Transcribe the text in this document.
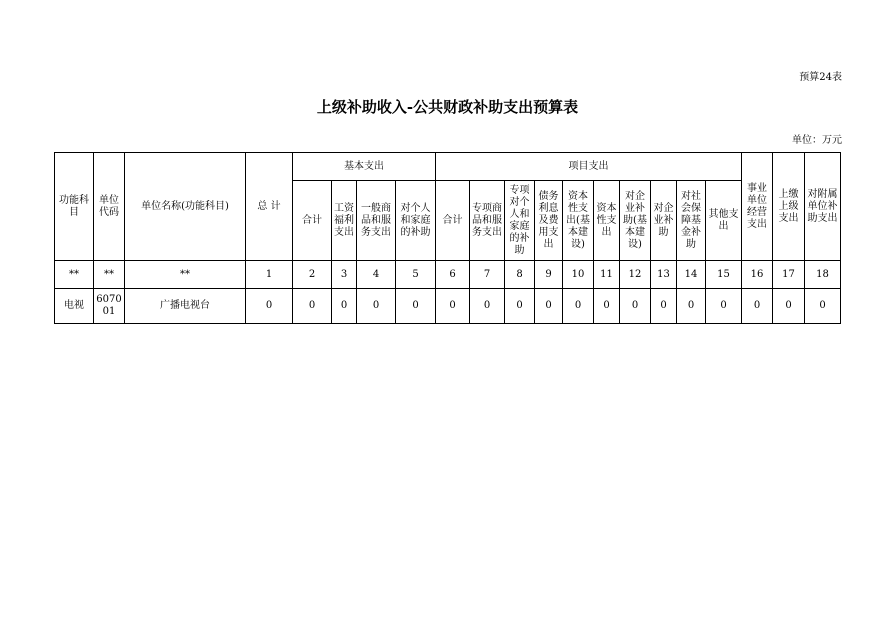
预算24表
上级补助收入-公共财政补助支出预算表
单位：万元
功能科目	单位代码	单位名称(功能科目)	总 计	基本支出				项目支出										事业单位经营支出	上缴上级支出	对附属单位补助支出
				合计	工资福利支出	一般商品和服务支出	对个人和家庭的补助	合计	专项商品和服务支出	专项对个人和家庭的补助	债务利息及费用支出	资本性支出(基本建设)	资本性支出	对企业补助(基本建设)	对企业补助	对社会保障基金补助	其他支出			
**	**	**	1	2	3	4	5	6	7	8	9	10	11	12	13	14	15	16	17	18
电视	607001	广播电视台	0	0	0	0	0	0	0	0	0	0	0	0	0	0	0	0	0	0
